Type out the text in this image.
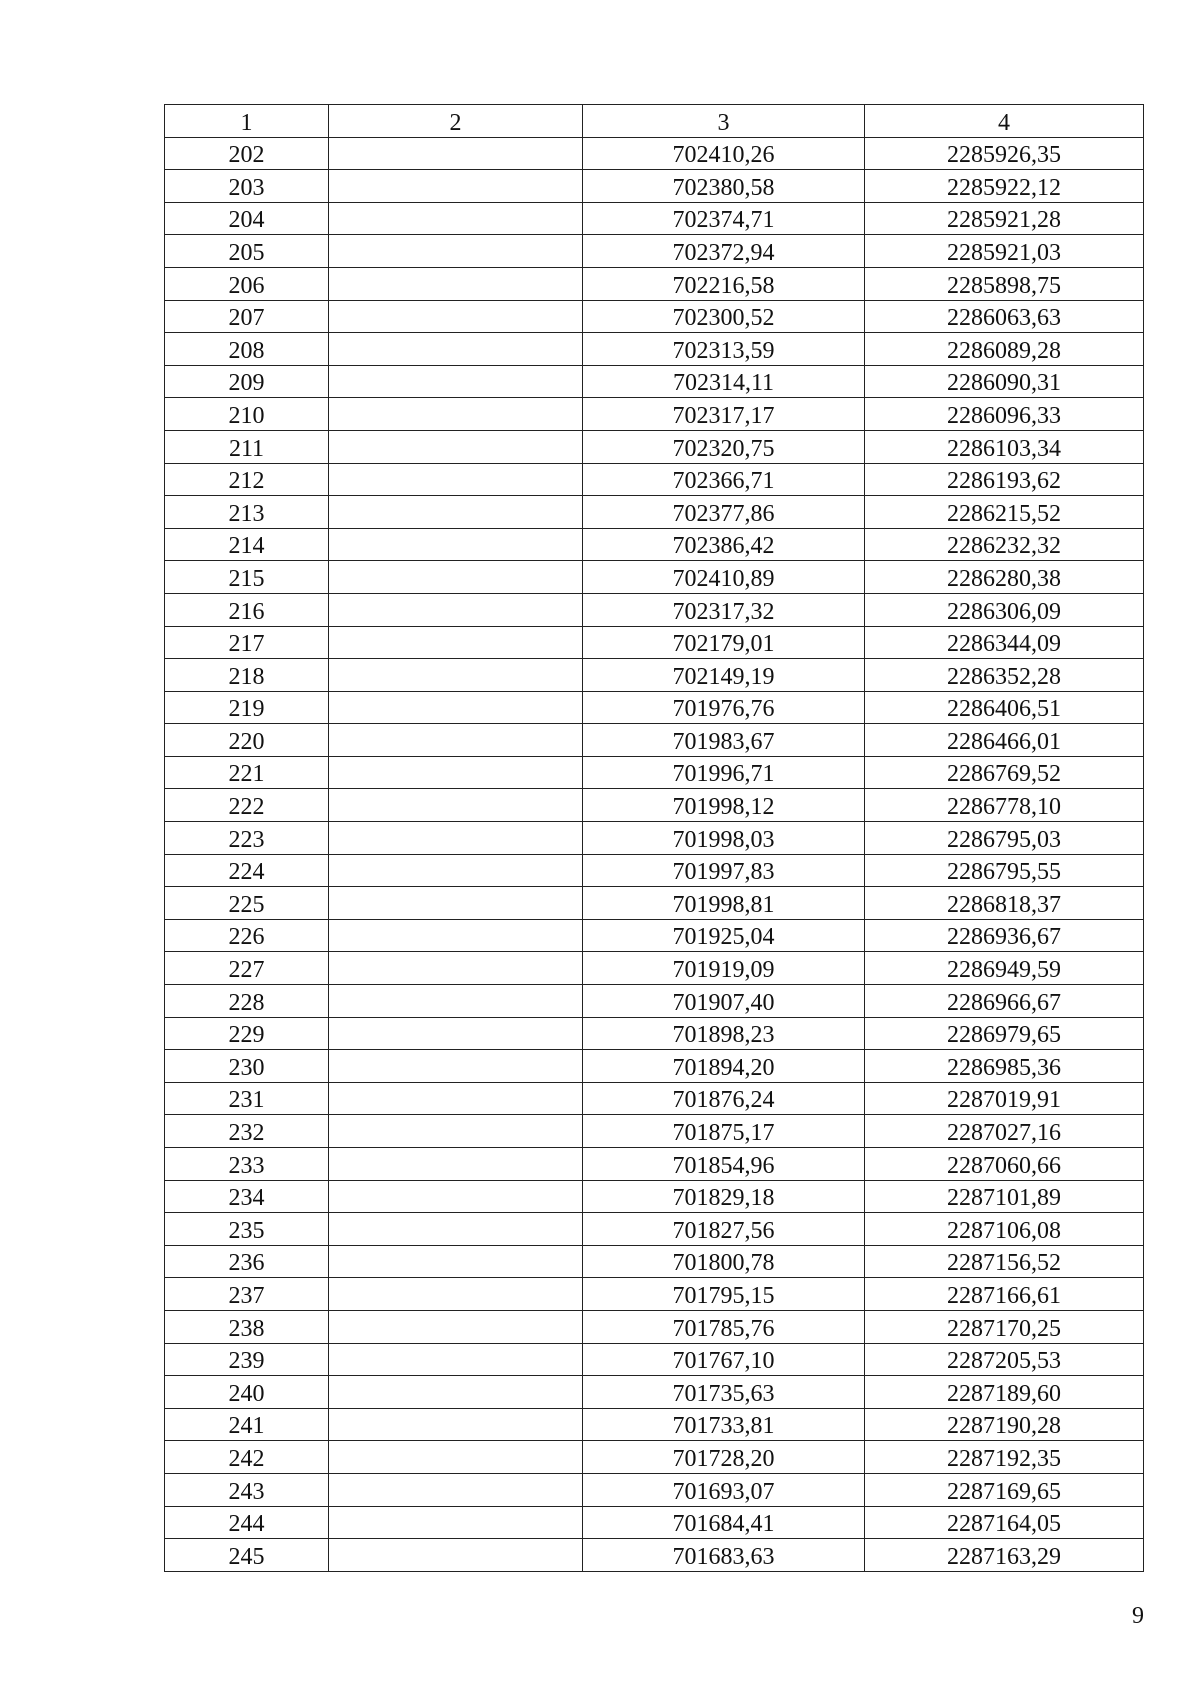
1	2	3	4
202		702410,26	2285926,35
203		702380,58	2285922,12
204		702374,71	2285921,28
205		702372,94	2285921,03
206		702216,58	2285898,75
207		702300,52	2286063,63
208		702313,59	2286089,28
209		702314,11	2286090,31
210		702317,17	2286096,33
211		702320,75	2286103,34
212		702366,71	2286193,62
213		702377,86	2286215,52
214		702386,42	2286232,32
215		702410,89	2286280,38
216		702317,32	2286306,09
217		702179,01	2286344,09
218		702149,19	2286352,28
219		701976,76	2286406,51
220		701983,67	2286466,01
221		701996,71	2286769,52
222		701998,12	2286778,10
223		701998,03	2286795,03
224		701997,83	2286795,55
225		701998,81	2286818,37
226		701925,04	2286936,67
227		701919,09	2286949,59
228		701907,40	2286966,67
229		701898,23	2286979,65
230		701894,20	2286985,36
231		701876,24	2287019,91
232		701875,17	2287027,16
233		701854,96	2287060,66
234		701829,18	2287101,89
235		701827,56	2287106,08
236		701800,78	2287156,52
237		701795,15	2287166,61
238		701785,76	2287170,25
239		701767,10	2287205,53
240		701735,63	2287189,60
241		701733,81	2287190,28
242		701728,20	2287192,35
243		701693,07	2287169,65
244		701684,41	2287164,05
245		701683,63	2287163,29
9
